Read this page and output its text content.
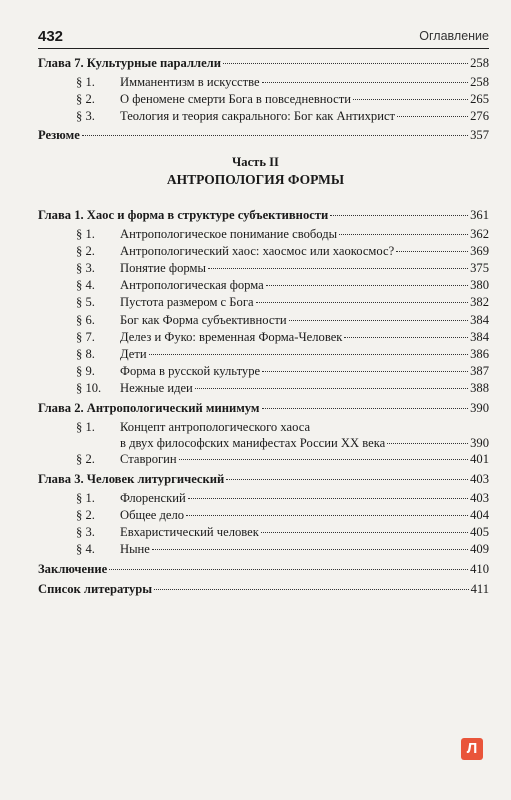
432	Оглавление
Часть II
АНТРОПОЛОГИЯ ФОРМЫ
Глава 7. Культурные параллели	258
§ 1.	Имманентизм в искусстве	258
§ 2.	О феномене смерти Бога в повседневности	265
§ 3.	Теология и теория сакрального: Бог как Антихрист	276
Резюме	357
Глава 1. Хаос и форма в структуре субъективности	361
§ 1.	Антропологическое понимание свободы	362
§ 2.	Антропологический хаос: хаосмос или хаокосмос?	369
§ 3.	Понятие формы	375
§ 4.	Антропологическая форма	380
§ 5.	Пустота размером с Бога	382
§ 6.	Бог как Форма субъективности	384
§ 7.	Делез и Фуко: временная Форма-Человек	384
§ 8.	Дети	386
§ 9.	Форма в русской культуре	387
§ 10.	Нежные идеи	388
Глава 2. Антропологический минимум	390
§ 1.	Концепт антропологического хаоса
в двух философских манифестах России XX века	390
§ 2.	Ставрогин	401
Глава 3. Человек литургический	403
§ 1.	Флоренский	403
§ 2.	Общее дело	404
§ 3.	Евхаристический человек	405
§ 4.	Ныне	409
Заключение	410
Список литературы	411
Л
